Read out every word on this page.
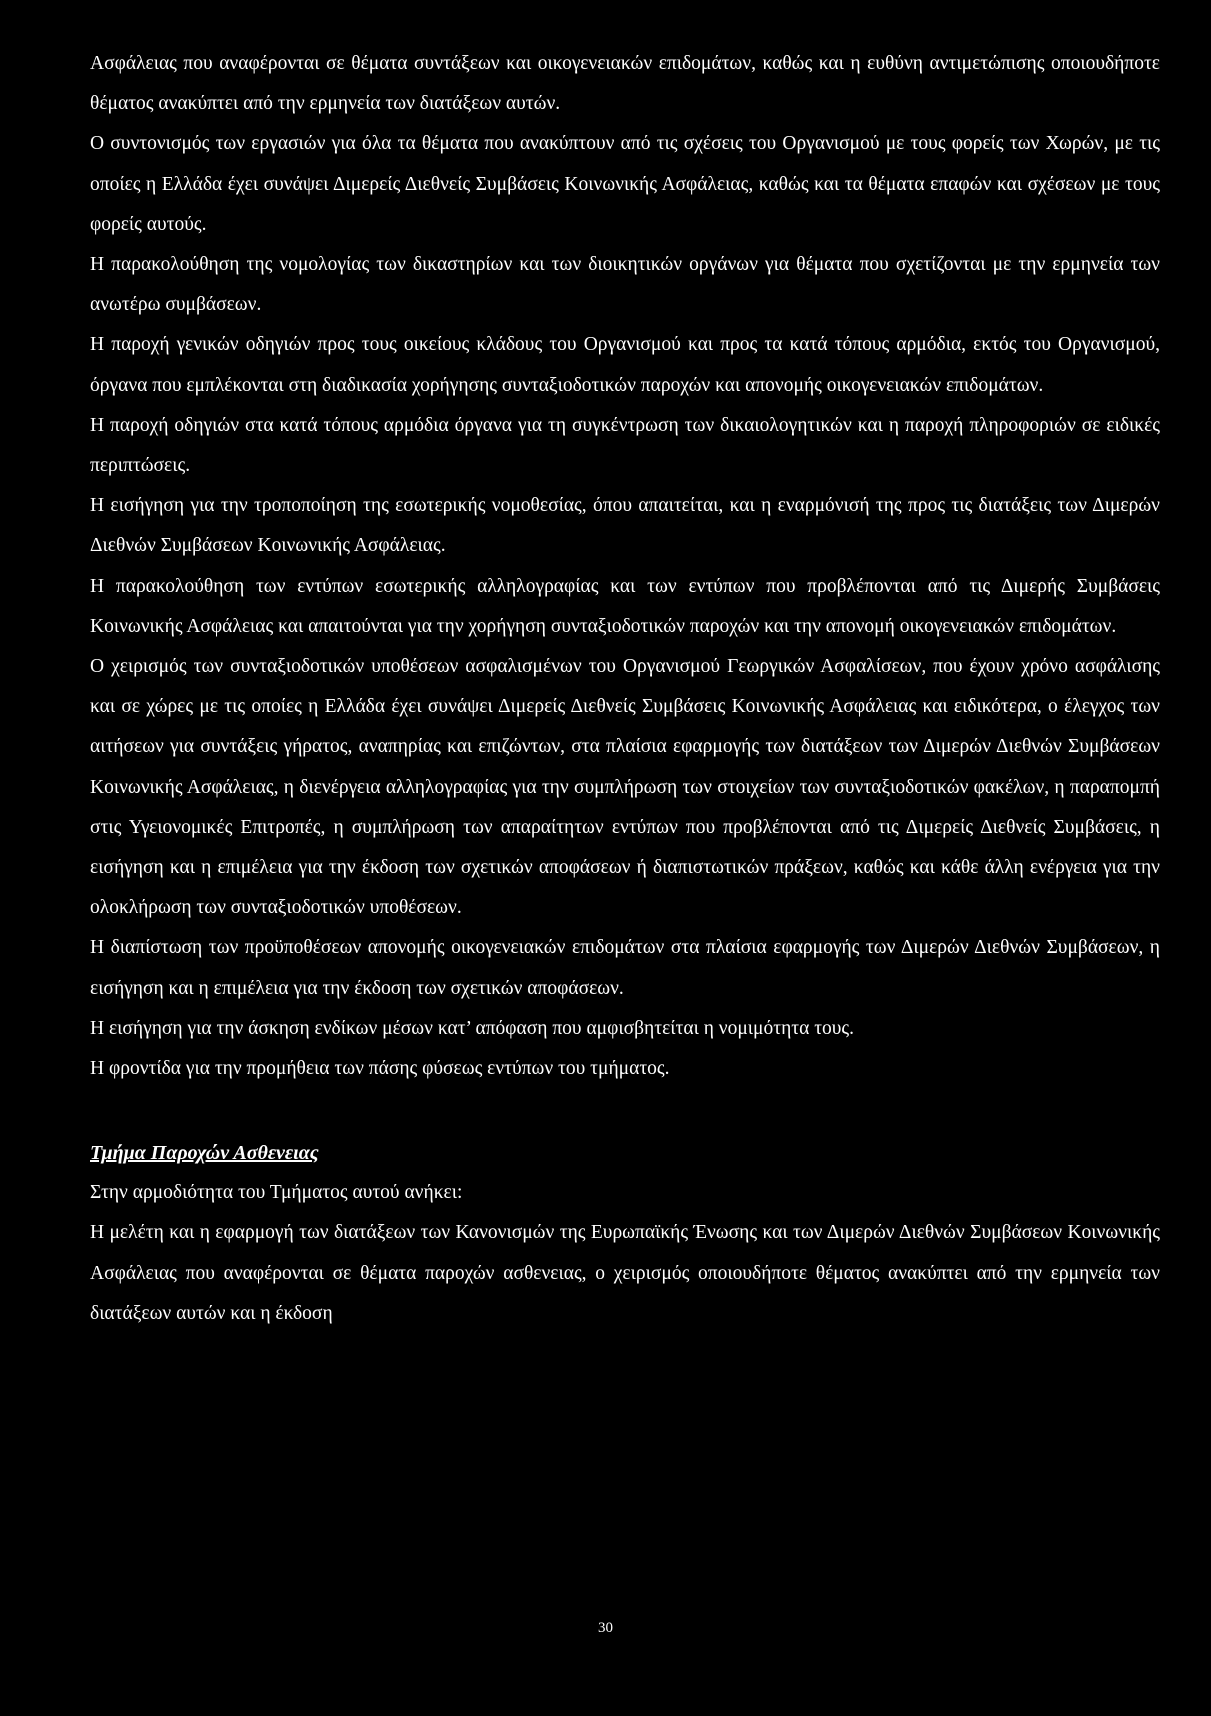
Ασφάλειας που αναφέρονται σε θέματα συντάξεων και οικογενειακών επιδομάτων, καθώς και η ευθύνη αντιμετώπισης οποιουδήποτε θέματος ανακύπτει από την ερμηνεία των διατάξεων αυτών.

Ο συντονισμός των εργασιών για όλα τα θέματα που ανακύπτουν από τις σχέσεις του Οργανισμού με τους φορείς των Χωρών, με τις οποίες η Ελλάδα έχει συνάψει Διμερείς Διεθνείς Συμβάσεις Κοινωνικής Ασφάλειας, καθώς και τα θέματα επαφών και σχέσεων με τους φορείς αυτούς.

Η παρακολούθηση της νομολογίας των δικαστηρίων και των διοικητικών οργάνων για θέματα που σχετίζονται με την ερμηνεία των ανωτέρω συμβάσεων.

Η παροχή γενικών οδηγιών προς τους οικείους κλάδους του Οργανισμού και προς τα κατά τόπους αρμόδια, εκτός του Οργανισμού, όργανα που εμπλέκονται στη διαδικασία χορήγησης συνταξιοδοτικών παροχών και απονομής οικογενειακών επιδομάτων.

Η παροχή οδηγιών στα κατά τόπους αρμόδια όργανα για τη συγκέντρωση των δικαιολογητικών και η παροχή πληροφοριών σε ειδικές περιπτώσεις.

Η εισήγηση για την τροποποίηση της εσωτερικής νομοθεσίας, όπου απαιτείται, και η εναρμόνισή της προς τις διατάξεις των Διμερών Διεθνών Συμβάσεων Κοινωνικής Ασφάλειας.

Η παρακολούθηση των εντύπων εσωτερικής αλληλογραφίας και των εντύπων που προβλέπονται από τις Διμερής Συμβάσεις Κοινωνικής Ασφάλειας και απαιτούνται για την χορήγηση συνταξιοδοτικών παροχών και την απονομή οικογενειακών επιδομάτων.

Ο χειρισμός των συνταξιοδοτικών υποθέσεων ασφαλισμένων του Οργανισμού Γεωργικών Ασφαλίσεων, που έχουν χρόνο ασφάλισης και σε χώρες με τις οποίες η Ελλάδα έχει συνάψει Διμερείς Διεθνείς Συμβάσεις Κοινωνικής Ασφάλειας και ειδικότερα, ο έλεγχος των αιτήσεων για συντάξεις γήρατος, αναπηρίας και επιζώντων, στα πλαίσια εφαρμογής των διατάξεων των Διμερών Διεθνών Συμβάσεων Κοινωνικής Ασφάλειας, η διενέργεια αλληλογραφίας για την συμπλήρωση των στοιχείων των συνταξιοδοτικών φακέλων, η παραπομπή στις Υγειονομικές Επιτροπές, η συμπλήρωση των απαραίτητων εντύπων που προβλέπονται από τις Διμερείς Διεθνείς Συμβάσεις, η εισήγηση και η επιμέλεια για την έκδοση των σχετικών αποφάσεων ή διαπιστωτικών πράξεων, καθώς και κάθε άλλη ενέργεια για την ολοκλήρωση των συνταξιοδοτικών υποθέσεων.

Η διαπίστωση των προϋποθέσεων απονομής οικογενειακών επιδομάτων στα πλαίσια εφαρμογής των Διμερών Διεθνών Συμβάσεων, η εισήγηση και η επιμέλεια για την έκδοση των σχετικών αποφάσεων.

Η εισήγηση για την άσκηση ενδίκων μέσων κατ’ απόφαση που αμφισβητείται η νομιμότητα τους.

Η φροντίδα για την προμήθεια των πάσης φύσεως εντύπων του τμήματος.

Τμήμα Παροχών Ασθενειας

Στην αρμοδιότητα του Τμήματος αυτού ανήκει:

Η μελέτη και η εφαρμογή των διατάξεων των Κανονισμών της Ευρωπαϊκής Ένωσης και των Διμερών Διεθνών Συμβάσεων Κοινωνικής Ασφάλειας που αναφέρονται σε θέματα παροχών ασθενειας, ο χειρισμός οποιουδήποτε θέματος ανακύπτει από την ερμηνεία των διατάξεων αυτών και η έκδοση

30
